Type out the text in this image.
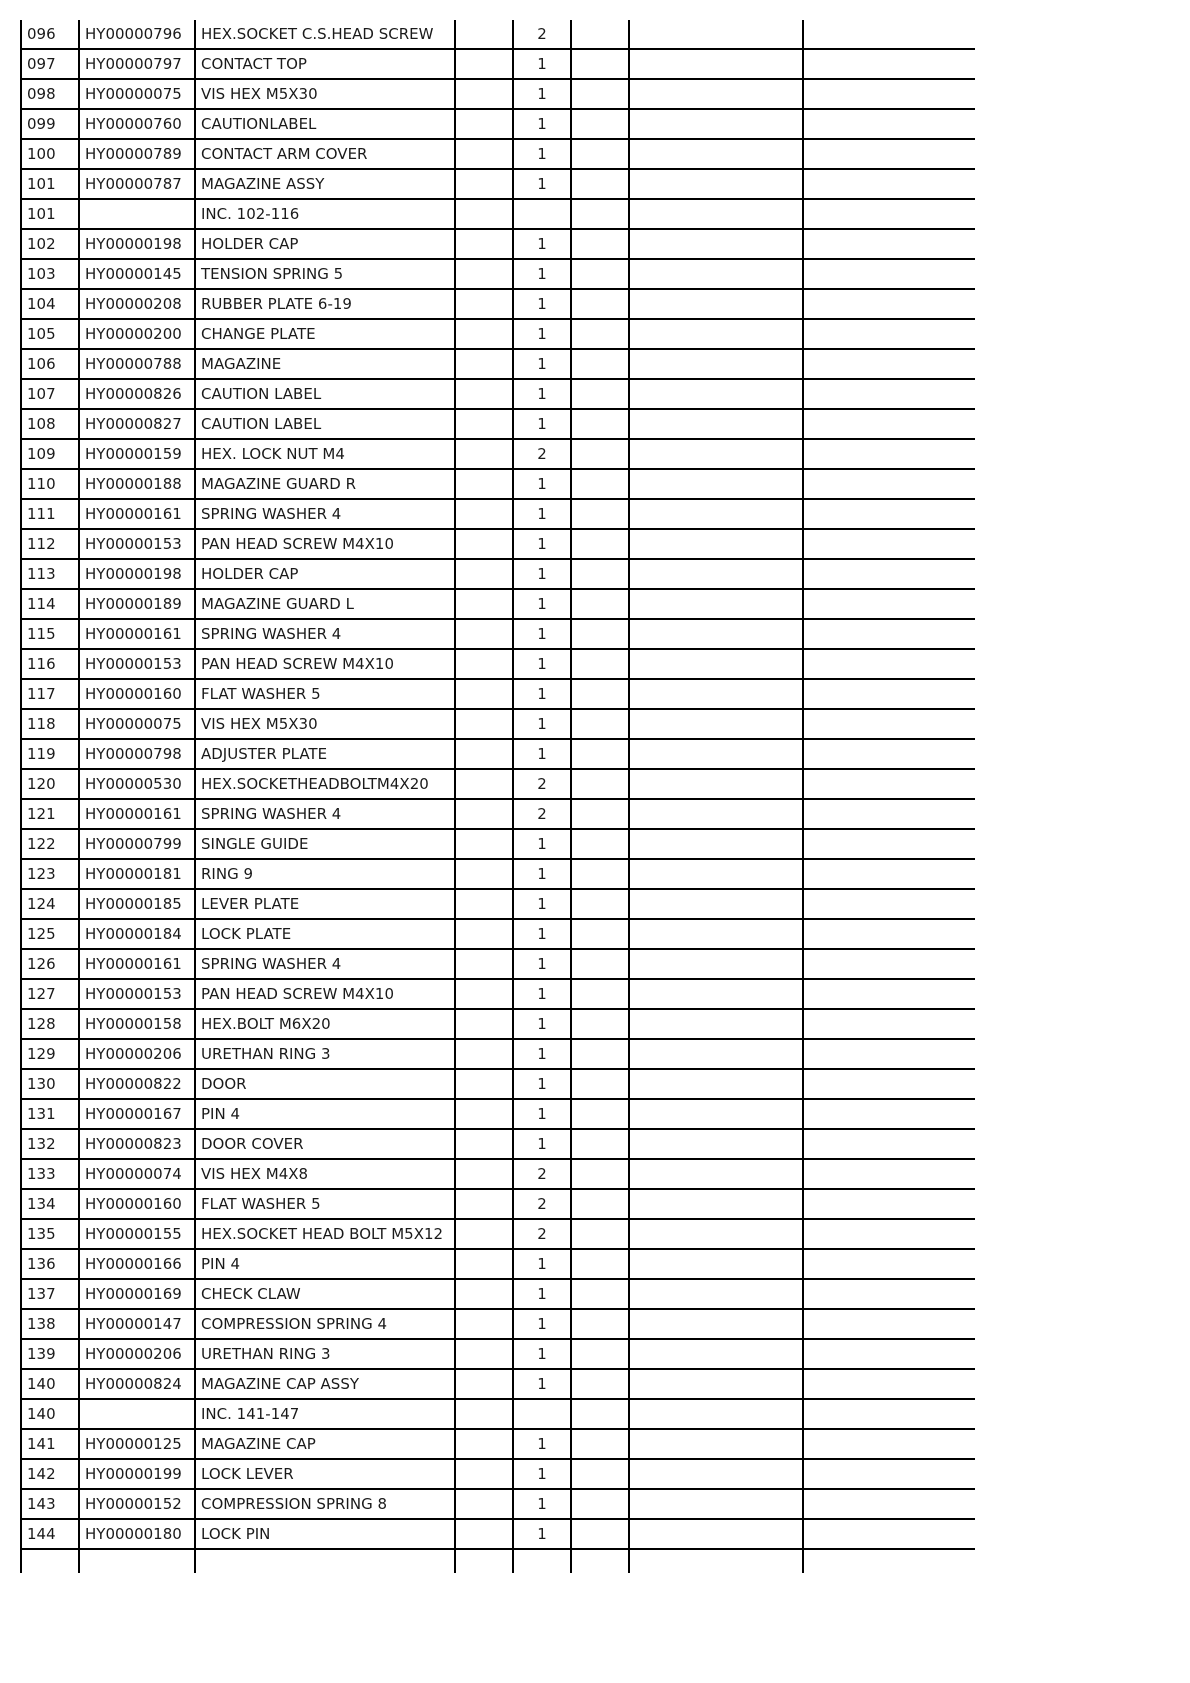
096	HY00000796	HEX.SOCKET C.S.HEAD SCREW		2			
097	HY00000797	CONTACT TOP		1			
098	HY00000075	VIS HEX M5X30		1			
099	HY00000760	CAUTIONLABEL		1			
100	HY00000789	CONTACT ARM COVER		1			
101	HY00000787	MAGAZINE ASSY		1			
101		INC. 102-116					
102	HY00000198	HOLDER CAP		1			
103	HY00000145	TENSION SPRING 5		1			
104	HY00000208	RUBBER PLATE 6-19		1			
105	HY00000200	CHANGE PLATE		1			
106	HY00000788	MAGAZINE		1			
107	HY00000826	CAUTION LABEL		1			
108	HY00000827	CAUTION LABEL		1			
109	HY00000159	HEX. LOCK NUT M4		2			
110	HY00000188	MAGAZINE GUARD R		1			
111	HY00000161	SPRING WASHER 4		1			
112	HY00000153	PAN HEAD SCREW M4X10		1			
113	HY00000198	HOLDER CAP		1			
114	HY00000189	MAGAZINE GUARD L		1			
115	HY00000161	SPRING WASHER 4		1			
116	HY00000153	PAN HEAD SCREW M4X10		1			
117	HY00000160	FLAT WASHER 5		1			
118	HY00000075	VIS HEX M5X30		1			
119	HY00000798	ADJUSTER PLATE		1			
120	HY00000530	HEX.SOCKETHEADBOLTM4X20		2			
121	HY00000161	SPRING WASHER 4		2			
122	HY00000799	SINGLE GUIDE		1			
123	HY00000181	RING 9		1			
124	HY00000185	LEVER PLATE		1			
125	HY00000184	LOCK PLATE		1			
126	HY00000161	SPRING WASHER 4		1			
127	HY00000153	PAN HEAD SCREW M4X10		1			
128	HY00000158	HEX.BOLT M6X20		1			
129	HY00000206	URETHAN RING 3		1			
130	HY00000822	DOOR		1			
131	HY00000167	PIN 4		1			
132	HY00000823	DOOR COVER		1			
133	HY00000074	VIS HEX M4X8		2			
134	HY00000160	FLAT WASHER 5		2			
135	HY00000155	HEX.SOCKET HEAD BOLT M5X12		2			
136	HY00000166	PIN 4		1			
137	HY00000169	CHECK CLAW		1			
138	HY00000147	COMPRESSION SPRING 4		1			
139	HY00000206	URETHAN RING 3		1			
140	HY00000824	MAGAZINE CAP ASSY		1			
140		INC. 141-147					
141	HY00000125	MAGAZINE CAP		1			
142	HY00000199	LOCK LEVER		1			
143	HY00000152	COMPRESSION SPRING 8		1			
144	HY00000180	LOCK PIN		1			
